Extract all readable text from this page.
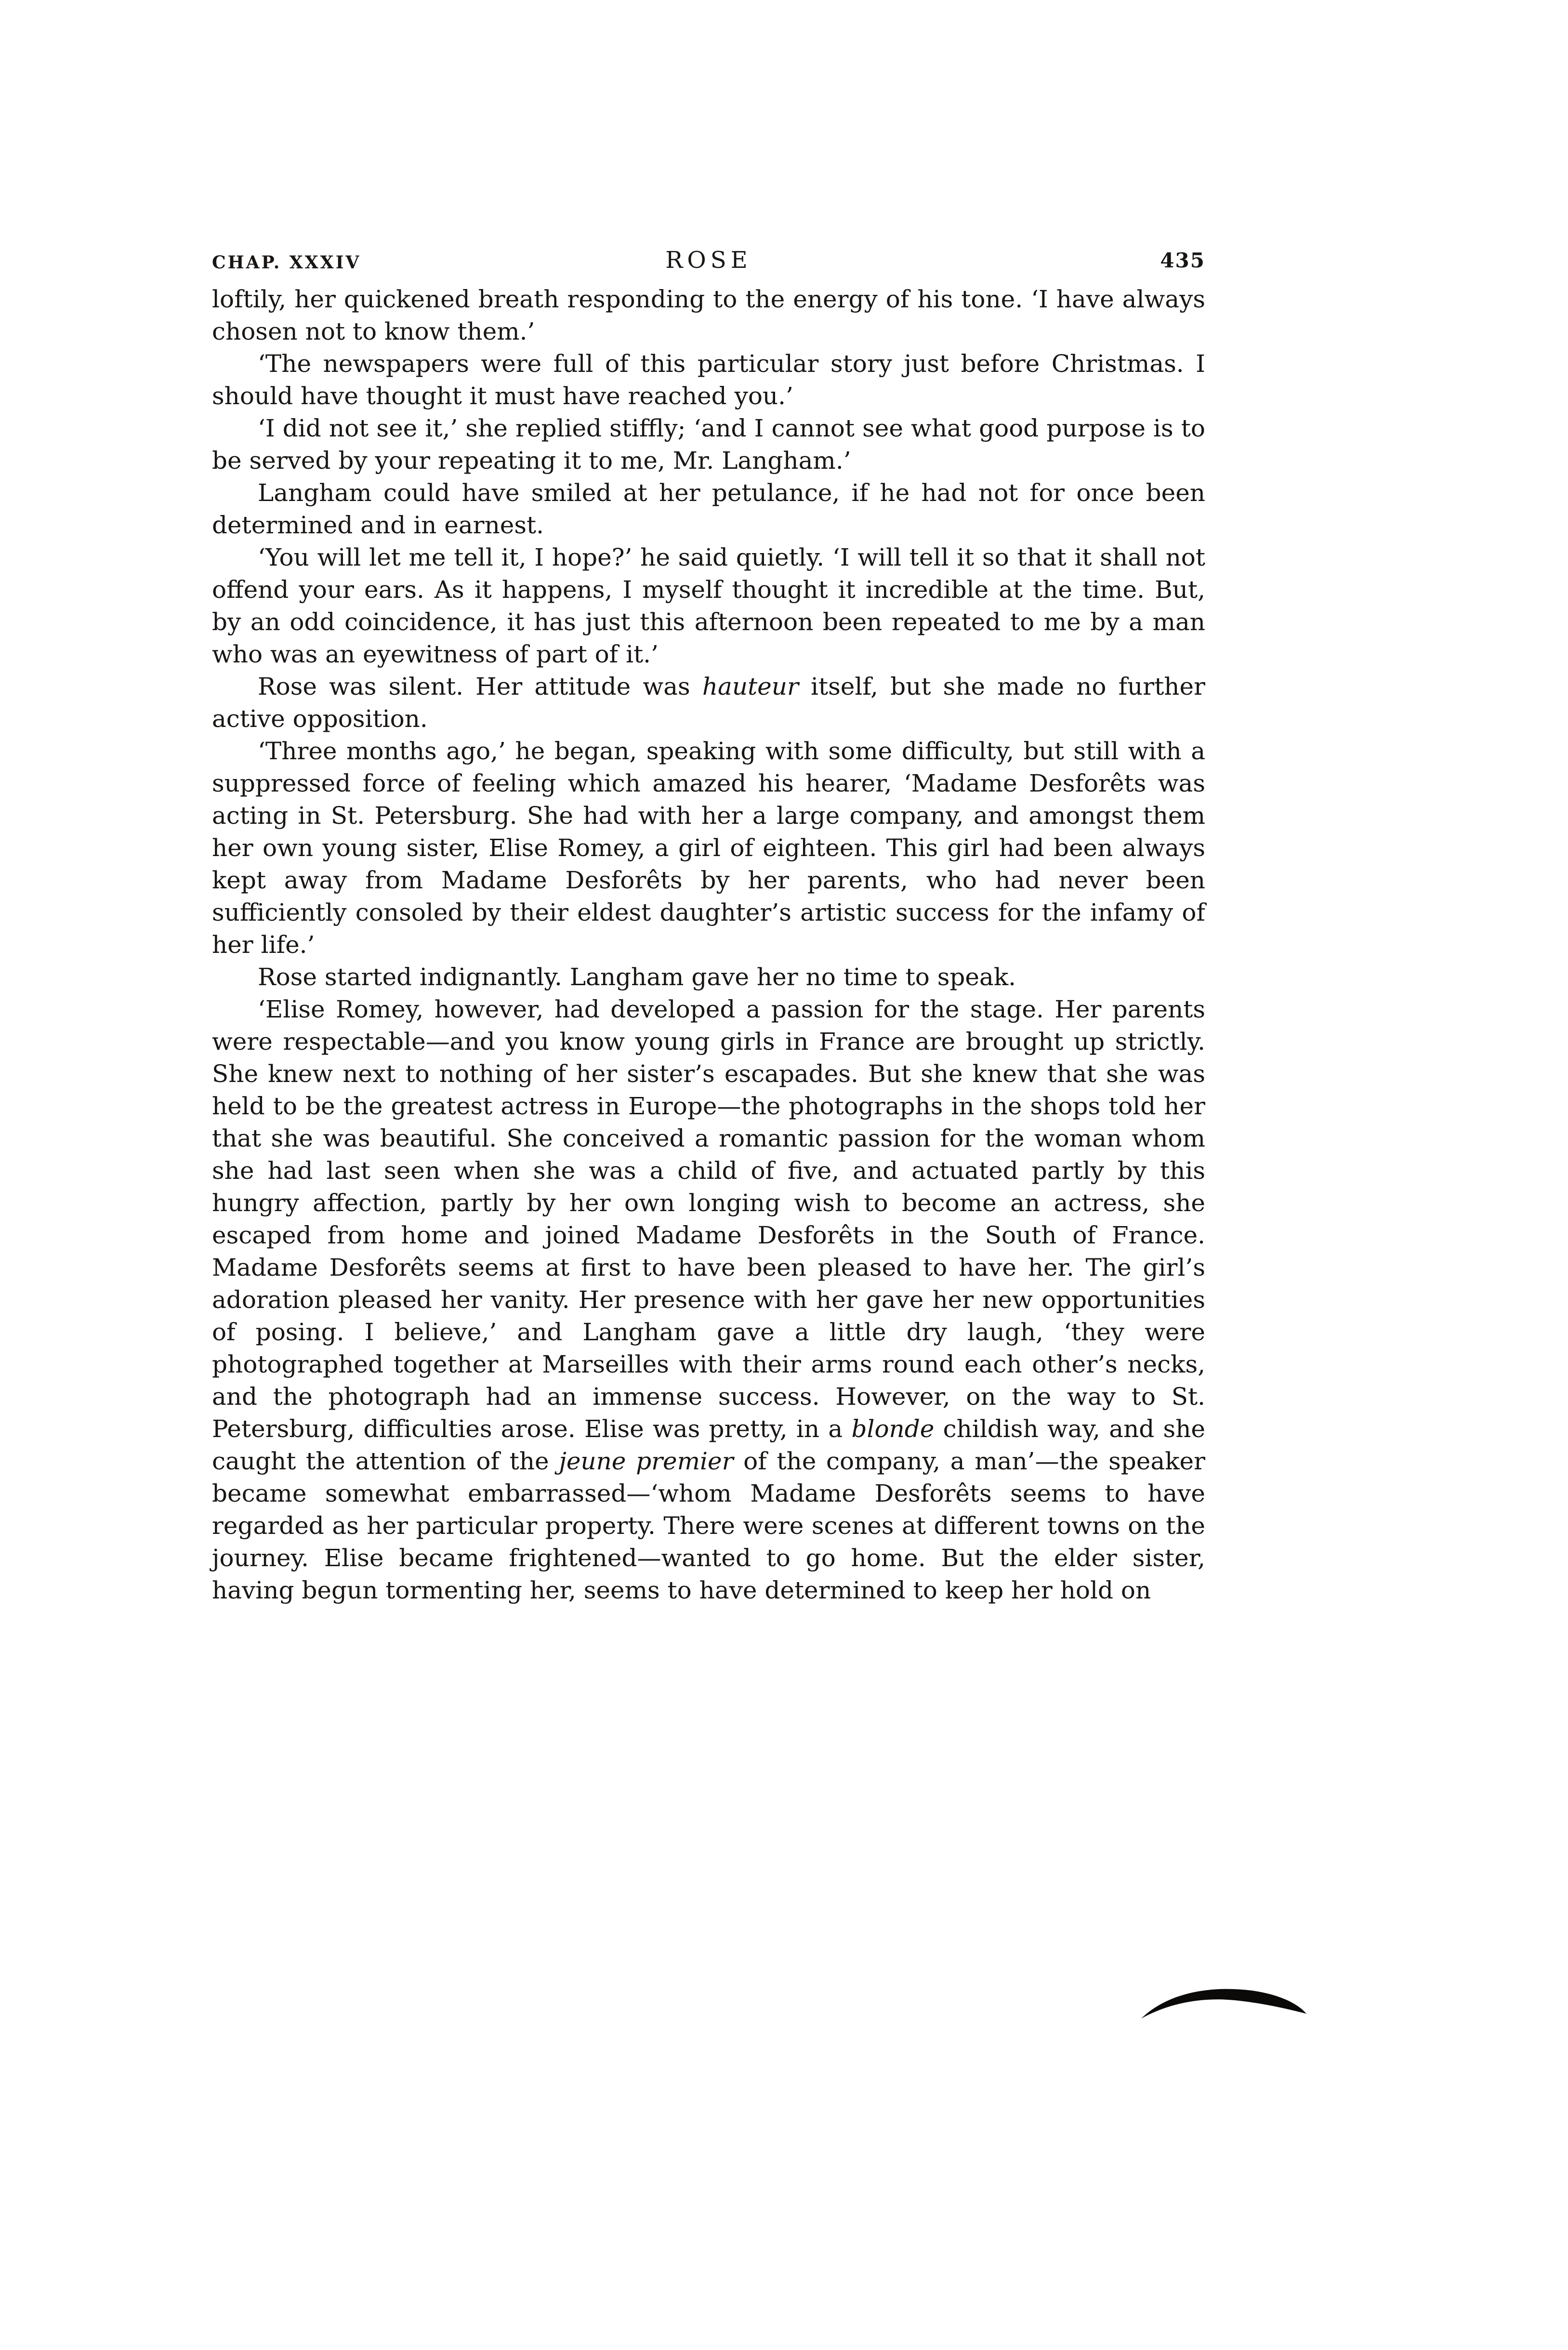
CHAP. XXXIV	ROSE	435

loftily, her quickened breath responding to the energy of his tone. ‘I have always chosen not to know them.’

‘The newspapers were full of this particular story just before Christmas. I should have thought it must have reached you.’

‘I did not see it,’ she replied stiffly; ‘and I cannot see what good purpose is to be served by your repeating it to me, Mr. Langham.’

Langham could have smiled at her petulance, if he had not for once been determined and in earnest.

‘You will let me tell it, I hope?’ he said quietly. ‘I will tell it so that it shall not offend your ears. As it happens, I myself thought it incredible at the time. But, by an odd coincidence, it has just this afternoon been repeated to me by a man who was an eyewitness of part of it.’

Rose was silent. Her attitude was hauteur itself, but she made no further active opposition.

‘Three months ago,’ he began, speaking with some difficulty, but still with a suppressed force of feeling which amazed his hearer, ‘Madame Desforêts was acting in St. Petersburg. She had with her a large company, and amongst them her own young sister, Elise Romey, a girl of eighteen. This girl had been always kept away from Madame Desforêts by her parents, who had never been sufficiently consoled by their eldest daughter’s artistic success for the infamy of her life.’

Rose started indignantly. Langham gave her no time to speak.

‘Elise Romey, however, had developed a passion for the stage. Her parents were respectable—and you know young girls in France are brought up strictly. She knew next to nothing of her sister’s escapades. But she knew that she was held to be the greatest actress in Europe—the photographs in the shops told her that she was beautiful. She conceived a romantic passion for the woman whom she had last seen when she was a child of five, and actuated partly by this hungry affection, partly by her own longing wish to become an actress, she escaped from home and joined Madame Desforêts in the South of France. Madame Desforêts seems at first to have been pleased to have her. The girl’s adoration pleased her vanity. Her presence with her gave her new opportunities of posing. I believe,’ and Langham gave a little dry laugh, ‘they were photographed together at Marseilles with their arms round each other’s necks, and the photograph had an immense success. However, on the way to St. Petersburg, difficulties arose. Elise was pretty, in a blonde childish way, and she caught the attention of the jeune premier of the company, a man’—the speaker became somewhat embarrassed—‘whom Madame Desforêts seems to have regarded as her particular property. There were scenes at different towns on the journey. Elise became frightened—wanted to go home. But the elder sister, having begun tormenting her, seems to have determined to keep her hold on
